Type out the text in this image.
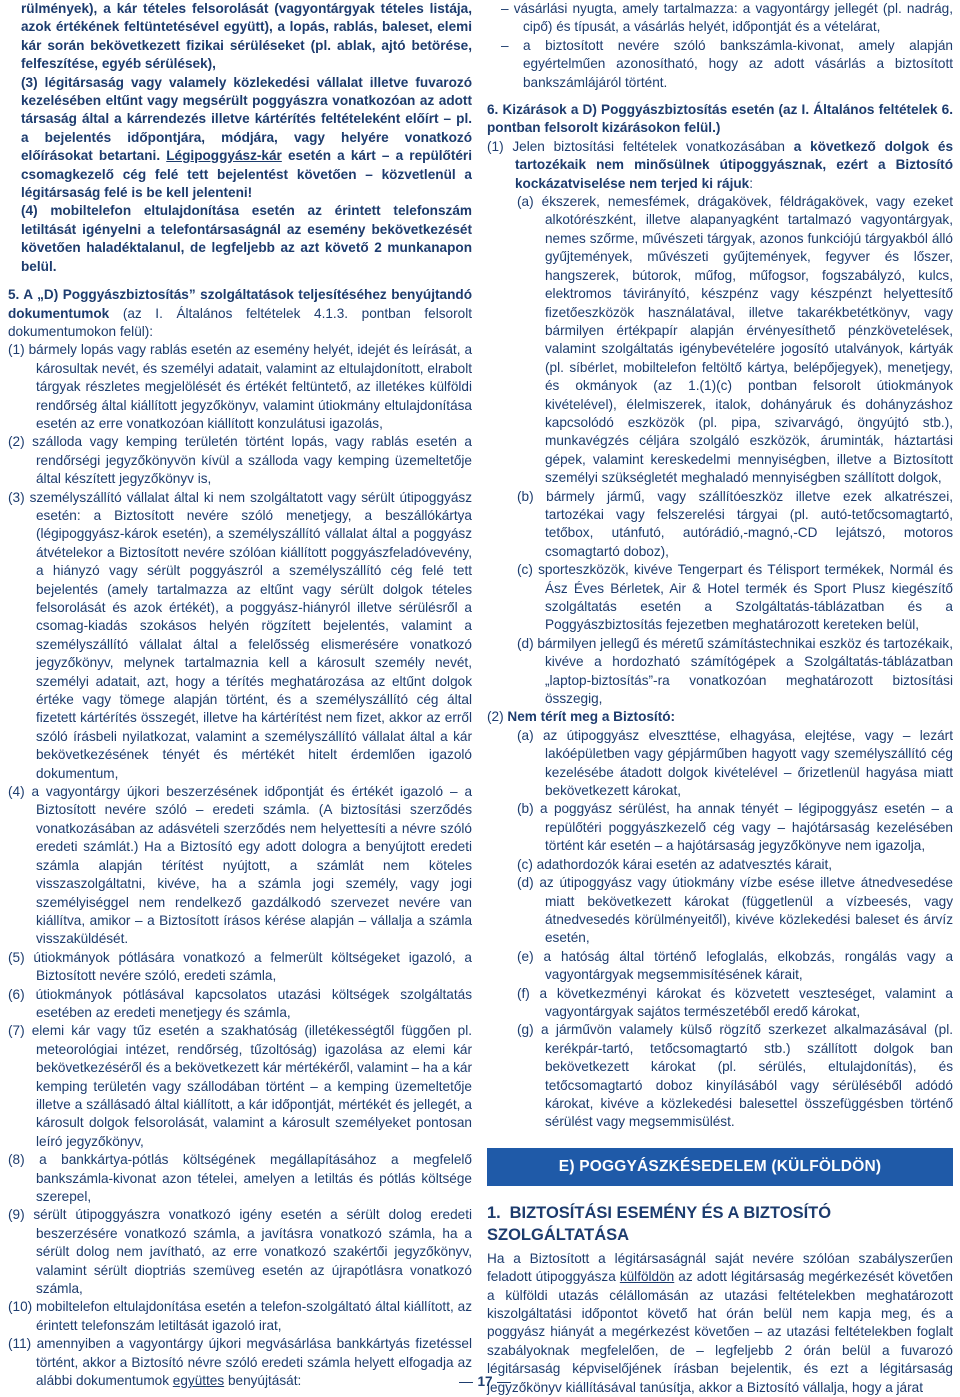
rülmények), a kár tételes felsorolását (vagyontárgyak tételes listája, azok értékének feltüntetésével együtt), a lopás, rablás, baleset, elemi kár során bekövetkezett fizikai sérüléseket (pl. ablak, ajtó betörése, felfeszítése, egyéb sérülések),

(3) légitársaság vagy valamely közlekedési vállalat illetve fuvarozó kezelésében eltűnt vagy megsérült poggyászra vonatkozóan az adott társaság által a kárrendezés illetve kártérítés feltételeként előírt – pl. a bejelentés időpontjára, módjára, vagy helyére vonatkozó előírásokat betartani. Légipoggyász-kár esetén a kárt – a repülőtéri csomagkezelő cég felé tett bejelentést követően – közvetlenül a légitársaság felé is be kell jelenteni!

(4) mobiltelefon eltulajdonítása esetén az érintett telefonszám letiltását igényelni a telefontársaságnál az esemény bekövetkezését követően haladéktalanul, de legfeljebb az azt követő 2 munkanapon belül.

5. A „D) Poggyászbiztosítás” szolgáltatások teljesítéséhez benyújtandó dokumentumok (az I. Általános feltételek 4.1.3. pontban felsorolt dokumentumokon felül):

(1) bármely lopás vagy rablás esetén az esemény helyét, idejét és leírását, a károsultak nevét, és személyi adatait, valamint az eltulajdonított, elrabolt tárgyak részletes megjelölését és értékét feltüntető, az illetékes külföldi rendőrség által kiállított jegyzőkönyv, valamint útiokmány eltulajdonítása esetén az erre vonatkozóan kiállított konzulátusi igazolás,

(2) szálloda vagy kemping területén történt lopás, vagy rablás esetén a rendőrségi jegyzőkönyvön kívül a szálloda vagy kemping üzemeltetője által készített jegyzőkönyv is,

(3) személyszállító vállalat által ki nem szolgáltatott vagy sérült útipoggyász esetén: a Biztosított nevére szóló menetjegy, a beszállókártya (légipoggyász-károk esetén), a személyszállító vállalat által a poggyász átvételekor a Biztosított nevére szólóan kiállított poggyászfeladóvevény, a hiányzó vagy sérült poggyászról a személyszállító cég felé tett bejelentés (amely tartalmazza az eltűnt vagy sérült dolgok tételes felsorolását és azok értékét), a poggyász-hiányról illetve sérülésről a csomag-kiadás szokásos helyén rögzített bejelentés, valamint a személyszállító vállalat által a felelősség elismerésére vonatkozó jegyzőkönyv, melynek tartalmaznia kell a károsult személy nevét, személyi adatait, azt, hogy a térítés meghatározása az eltűnt dolgok értéke vagy tömege alapján történt, és a személyszállító cég által fizetett kártérítés összegét, illetve ha kártérítést nem fizet, akkor az erről szóló írásbeli nyilatkozat, valamint a személyszállító vállalat által a kár bekövetkezésének tényét és mértékét hitelt érdemlően igazoló dokumentum,

(4) a vagyontárgy újkori beszerzésének időpontját és értékét igazoló – a Biztosított nevére szóló – eredeti számla. (A biztosítási szerződés vonatkozásában az adásvételi szerződés nem helyettesíti a névre szóló eredeti számlát.) Ha a Biztosító egy adott dologra a benyújtott eredeti számla alapján térítést nyújtott, a számlát nem köteles visszaszolgáltatni, kivéve, ha a számla jogi személy, vagy jogi személyiséggel nem rendelkező gazdálkodó szervezet nevére van kiállítva, amikor – a Biztosított írásos kérése alapján – vállalja a számla visszaküldését.

(5) útiokmányok pótlására vonatkozó a felmerült költségeket igazoló, a Biztosított nevére szóló, eredeti számla,

(6) útiokmányok pótlásával kapcsolatos utazási költségek szolgáltatás esetében az eredeti menetjegy és számla,

(7) elemi kár vagy tűz esetén a szakhatóság (illetékességtől függően pl. meteorológiai intézet, rendőrség, tűzoltóság) igazolása az elemi kár bekövetkezéséről és a bekövetkezett kár mértékéről, valamint – ha a kár kemping területén vagy szállodában történt – a kemping üzemeltetője illetve a szállásadó által kiállított, a kár időpontját, mértékét és jellegét, a károsult dolgok felsorolását, valamint a károsult személyeket pontosan leíró jegyzőkönyv,

(8) a bankkártya-pótlás költségének megállapításához a megfelelő bankszámla-kivonat azon tételei, amelyen a letiltás és pótlás költsége szerepel,

(9) sérült útipoggyászra vonatkozó igény esetén a sérült dolog eredeti beszerzésére vonatkozó számla, a javításra vonatkozó számla, ha a sérült dolog nem javítható, az erre vonatkozó szakértői jegyzőkönyv, valamint sérült dioptriás szemüveg esetén az újrapótlásra vonatkozó számla,

(10) mobiltelefon eltulajdonítása esetén a telefon-szolgáltató által kiállított, az érintett telefonszám letiltását igazoló irat,

(11) amennyiben a vagyontárgy újkori megvásárlása bankkártyás fizetéssel történt, akkor a Biztosító névre szóló eredeti számla helyett elfogadja az alábbi dokumentumok együttes benyújtását:

– vásárlási nyugta, amely tartalmazza: a vagyontárgy jellegét (pl. nadrág, cipő) és típusát, a vásárlás helyét, időpontját és a vételárat,

– a biztosított nevére szóló bankszámla-kivonat, amely alapján egyértelműen azonosítható, hogy az adott vásárlás a biztosított bankszámlájáról történt.

6. Kizárások a D) Poggyászbiztosítás esetén (az I. Általános feltételek 6. pontban felsorolt kizárásokon felül.)

(1) Jelen biztosítási feltételek vonatkozásában a következő dolgok és tartozékaik nem minősülnek útipoggyásznak, ezért a Biztosító kockázatviselése nem terjed ki rájuk:

(a) ékszerek, nemesfémek, drágakövek, féldrágakövek, vagy ezeket alkotórészként, illetve alapanyagként tartalmazó vagyontárgyak, nemes szőrme, művészeti tárgyak, azonos funkciójú tárgyakból álló gyűjtemények, művészeti gyűjtemények, fegyver és lőszer, hangszerek, bútorok, műfog, műfogsor, fogszabályzó, kulcs, elektromos távirányító, készpénz vagy készpénzt helyettesítő fizetőeszközök használatával, illetve takarékbetétkönyv, vagy bármilyen értékpapír alapján érvényesíthető pénzkövetelések, valamint szolgáltatás igénybevételére jogosító utalványok, kártyák (pl. síbérlet, mobiltelefon feltöltő kártya, belépőjegyek), menetjegy, és okmányok (az 1.(1)(c) pontban felsorolt útiokmányok kivételével), élelmiszerek, italok, dohányáruk és dohányzáshoz kapcsolódó eszközök (pl. pipa, szivarvágó, öngyújtó stb.), munkavégzés céljára szolgáló eszközök, áruminták, háztartási gépek, valamint kereskedelmi mennyiségben, illetve a Biztosított személyi szükségletét meghaladó mennyiségben szállított dolgok,

(b) bármely jármű, vagy szállítóeszköz illetve ezek alkatrészei, tartozékai vagy felszerelési tárgyai (pl. autó-tetőcsomagtartó, tetőbox, utánfutó, autórádió,-magnó,-CD lejátszó, motoros csomagtartó doboz),

(c) sporteszközök, kivéve Tengerpart és Télisport termékek, Normál és Ász Éves Bérletek, Air & Hotel termék és Sport Plusz kiegészítő szolgáltatás esetén a Szolgáltatás-táblázatban és a Poggyászbiztosítás fejezetben meghatározott kereteken belül,

(d) bármilyen jellegű és méretű számítástechnikai eszköz és tartozékaik, kivéve a hordozható számítógépek a Szolgáltatás-táblázatban „laptop-biztosítás”-ra vonatkozóan meghatározott biztosítási összegig,

(2) Nem térít meg a Biztosító:

(a) az útipoggyász elveszttése, elhagyása, elejtése, vagy – lezárt lakóépületben vagy gépjárműben hagyott vagy személyszállító cég kezelésébe átadott dolgok kivételével – őrizetlenül hagyása miatt bekövetkezett károkat,

(b) a poggyász sérülést, ha annak tényét – légipoggyász esetén – a repülőtéri poggyászkezelő cég vagy – hajótársaság kezelésében történt kár esetén – a hajótársaság jegyzőkönyve nem igazolja,

(c) adathordozók kárai esetén az adatvesztés kárait,

(d) az útipoggyász vagy útiokmány vízbe esése illetve átnedvesedése miatt bekövetkezett károkat (függetlenül a vízbeesés, vagy átnedvesedés körülményeitől), kivéve közlekedési baleset és árvíz esetén,

(e) a hatóság által történő lefoglalás, elkobzás, rongálás vagy a vagyontárgyak megsemmisítésének kárait,

(f) a következményi károkat és közvetett veszteséget, valamint a vagyontárgyak sajátos természetéből eredő károkat,

(g) a járművön valamely külső rögzítő szerkezet alkalmazásával (pl. kerékpár-tartó, tetőcsomagtartó stb.) szállított dolgok ban bekövetkezett károkat (pl. sérülés, eltulajdonítás), és tetőcsomagtartó doboz kinyílásából vagy sérüléséből adódó károkat, kivéve a közlekedési balesettel összefüggésben történő sérülést vagy megsemmisülést.

E) POGGYÁSZKÉSEDELEM (KÜLFÖLDÖN)

1. BIZTOSÍTÁSI ESEMÉNY ÉS A BIZTOSÍTÓ SZOLGÁLTATÁSA

Ha a Biztosított a légitársaságnál saját nevére szólóan szabályszerűen feladott útipoggyásza külföldön az adott légitársaság megérkezését követően a külföldi utazás célállomásán az utazási feltételekben meghatározott kiszolgáltatási időpontot követő hat órán belül nem kapja meg, és a poggyász hiányát a megérkezést követően – az utazási feltételekben foglalt szabályoknak megfelelően, de – legfeljebb 2 órán belül a fuvarozó légitársaság képviselőjének írásban bejelentik, és ezt a légitársaság jegyzőkönyv kiállításával tanúsítja, akkor a Biztosító vállalja, hogy a járat

17
